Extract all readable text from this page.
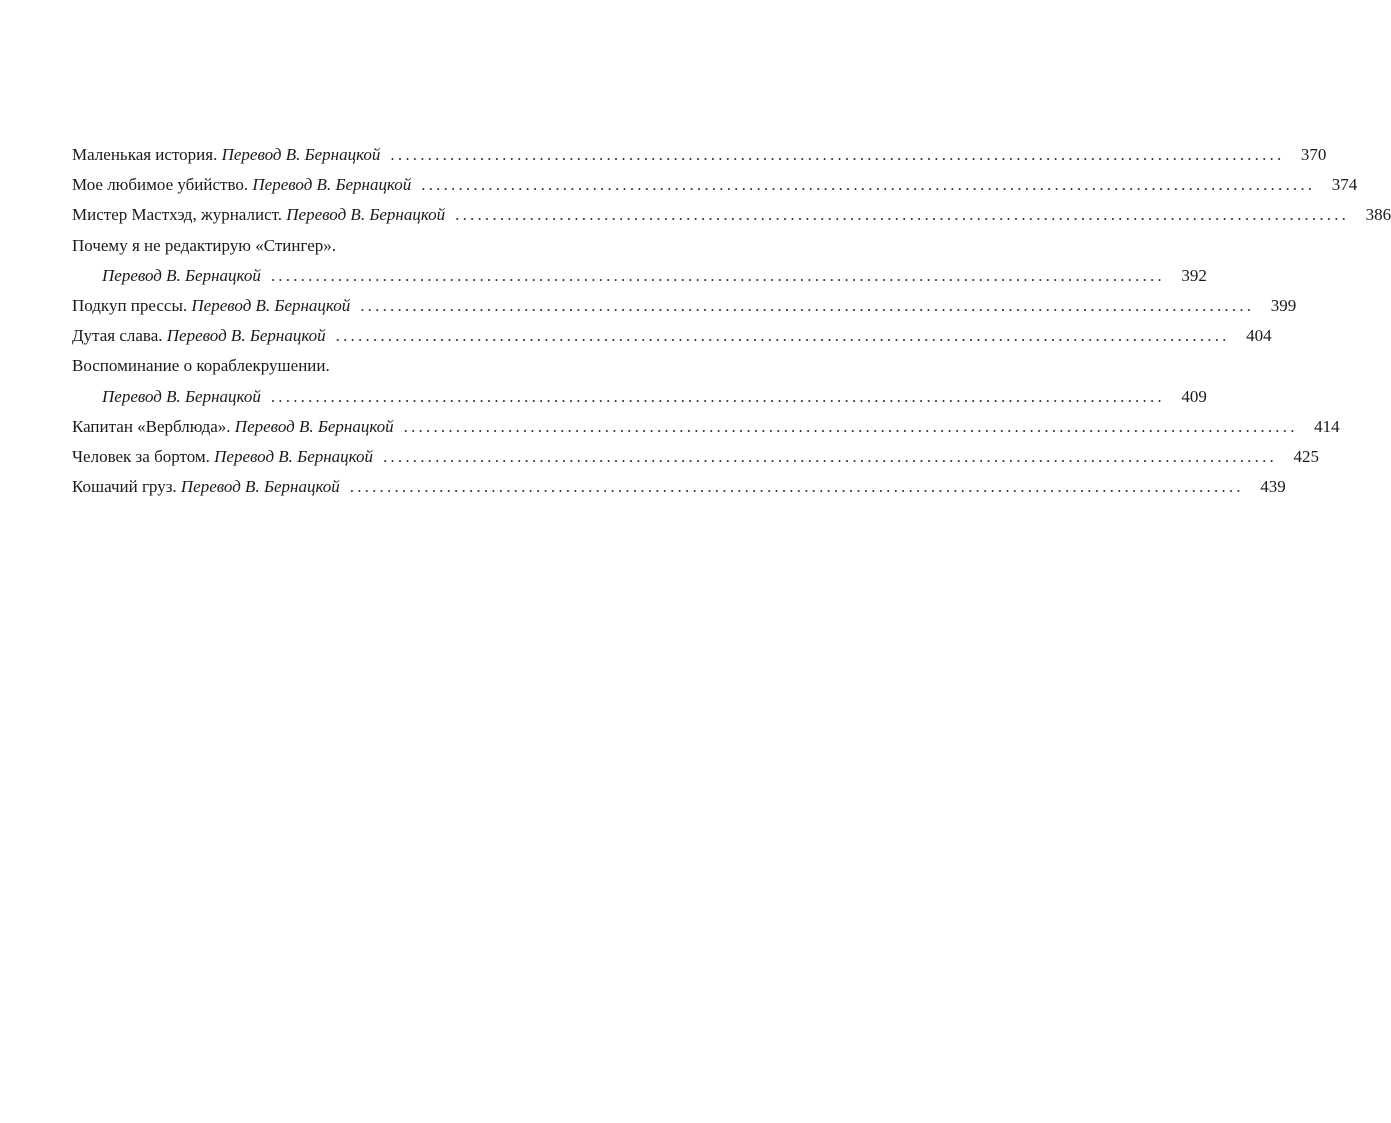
Маленькая история. Перевод В. Бернацкой ........................................................................................................................ 370
Мое любимое убийство. Перевод В. Бернацкой ........................................................................................................................ 374
Мистер Мастхэд, журналист. Перевод В. Бернацкой ........................................................................................................................ 386
Почему я не редактирую «Стингер».
Перевод В. Бернацкой ........................................................................................................................ 392
Подкуп прессы. Перевод В. Бернацкой ........................................................................................................................ 399
Дутая слава. Перевод В. Бернацкой ........................................................................................................................ 404
Воспоминание о кораблекрушении.
Перевод В. Бернацкой ........................................................................................................................ 409
Капитан «Верблюда». Перевод В. Бернацкой ........................................................................................................................ 414
Человек за бортом. Перевод В. Бернацкой ........................................................................................................................ 425
Кошачий груз. Перевод В. Бернацкой ........................................................................................................................ 439
